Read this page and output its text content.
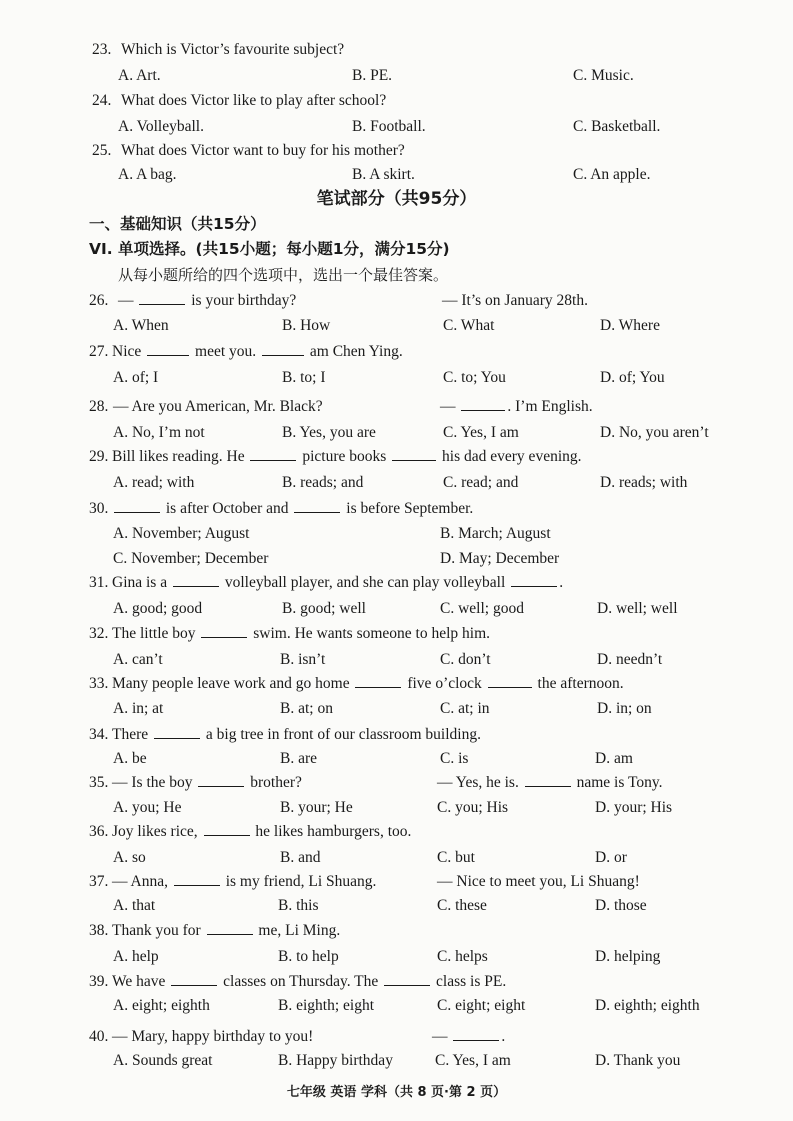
23. Which is Victor’s favourite subject?
A. Art.	B. PE.	C. Music.
24. What does Victor like to play after school?
A. Volleyball.	B. Football.	C. Basketball.
25. What does Victor want to buy for his mother?
A. A bag.	B. A skirt.	C. An apple.
笔试部分（共95分）
一、基础知识（共15分）
VI. 单项选择。(共15小题；每小题1分，满分15分)
从每小题所给的四个选项中，选出一个最佳答案。
26. —	is your birthday?	— It’s on January 28th.
A. When	B. How	C. What	D. Where
27. Nice	meet you.	am Chen Ying.
A. of; I	B. to; I	C. to; You	D. of; You
28. — Are you American, Mr. Black?	—	. I’m English.
A. No, I’m not	B. Yes, you are	C. Yes, I am	D. No, you aren’t
29. Bill likes reading. He	picture books	his dad every evening.
A. read; with	B. reads; and	C. read; and	D. reads; with
30.	is after October and	is before September.
A. November; August	B. March; August
C. November; December	D. May; December
31. Gina is a	volleyball player, and she can play volleyball	.
A. good; good	B. good; well	C. well; good	D. well; well
32. The little boy	swim. He wants someone to help him.
A. can’t	B. isn’t	C. don’t	D. needn’t
33. Many people leave work and go home	five o’clock	the afternoon.
A. in; at	B. at; on	C. at; in	D. in; on
34. There	a big tree in front of our classroom building.
A. be	B. are	C. is	D. am
35. — Is the boy	brother?	— Yes, he is.	name is Tony.
A. you; He	B. your; He	C. you; His	D. your; His
36. Joy likes rice,	he likes hamburgers, too.
A. so	B. and	C. but	D. or
37. — Anna,	is my friend, Li Shuang.	— Nice to meet you, Li Shuang!
A. that	B. this	C. these	D. those
38. Thank you for	me, Li Ming.
A. help	B. to help	C. helps	D. helping
39. We have	classes on Thursday. The	class is PE.
A. eight; eighth	B. eighth; eight	C. eight; eight	D. eighth; eighth
40. — Mary, happy birthday to you!	—	.
A. Sounds great	B. Happy birthday	C. Yes, I am	D. Thank you
七年级 英语 学科（共 8 页·第 2 页）
